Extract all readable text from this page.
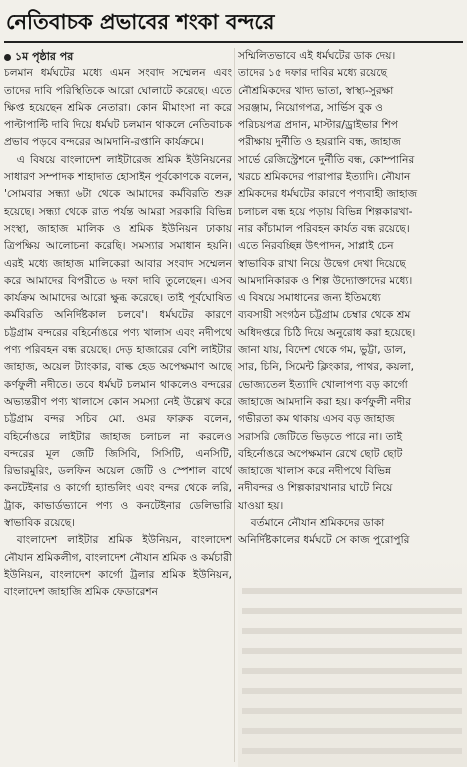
নেতিবাচক প্রভাবের শংকা বন্দরে

১ম পৃষ্ঠার পর

চলমান ধর্মঘটের মধ্যে এমন সংবাদ সম্মেলন এবং তাদের দাবি পরিস্থিতিকে আরো ঘোলাটে করেছে। এতে ক্ষিপ্ত হয়েছেন শ্রমিক নেতারা। কোন মীমাংসা না করে পাল্টাপাল্টি দাবি দিয়ে ধর্মঘট চলমান থাকলে নেতিবাচক প্রভাব পড়বে বন্দরের আমদানি-রপ্তানি কার্যক্রমে।

এ বিষয়ে বাংলাদেশ লাইটারেজ শ্রমিক ইউনিয়নের সাধারণ সম্পাদক শাহাদাত হোসাইন পূর্বকোণকে বলেন, 'সোমবার সন্ধ্যা ৬টা থেকে আমাদের কর্মবিরতি শুরু হয়েছে। সন্ধ্যা থেকে রাত পর্যন্ত আমরা সরকারি বিভিন্ন সংস্থা, জাহাজ মালিক ও শ্রমিক ইউনিয়ন ঢাকায় ত্রিপক্ষিয় আলোচনা করেছি। সমস্যার সমাধান হয়নি। এরই মধ্যে জাহাজ মালিকেরা আবার সংবাদ সম্মেলন করে আমাদের বিপরীতে ৬ দফা দাবি তুলেছেন। এসব কার্যক্রম আমাদের আরো ক্ষুব্ধ করেছে। তাই পূর্বঘোষিত কর্মবিরতি অনির্দিষ্টকাল চলবে'। ধর্মঘটের কারণে চট্টগ্রাম বন্দরের বহির্নোঙরে পণ্য খালাস এবং নদীপথে পণ্য পরিবহন বন্ধ রয়েছে। দেড় হাজারের বেশি লাইটার জাহাজ, অয়েল ট্যাংকার, বাল্ক হেড অপেক্ষমাণ আছে কর্ণফুলী নদীতে। তবে ধর্মঘট চলমান থাকলেও বন্দরের অভ্যন্তরীণ পণ্য খালাসে কোন সমস্যা নেই উল্লেখ করে চট্টগ্রাম বন্দর সচিব মো. ওমর ফারুক বলেন, বহির্নোঙরে লাইটার জাহাজ চলাচল না করলেও বন্দরের মূল জেটি জিসিবি, সিসিটি, এনসিটি, রিভারমুরিং, ডলফিন অয়েল জেটি ও স্পেশাল বার্থে কনটেইনার ও কার্গো হ্যান্ডলিং এবং বন্দর থেকে লরি, ট্রাক, কাভার্ডভ্যানে পণ্য ও কনটেইনার ডেলিভারি স্বাভাবিক রয়েছে।

বাংলাদেশ লাইটার শ্রমিক ইউনিয়ন, বাংলাদেশ নৌযান শ্রমিকলীগ, বাংলাদেশ নৌযান শ্রমিক ও কর্মচারী ইউনিয়ন, বাংলাদেশ কার্গো ট্রলার শ্রমিক ইউনিয়ন, বাংলাদেশ জাহাজি শ্রমিক ফেডারেশন

সম্মিলিতভাবে এই ধর্মঘটের ডাক দেয়।

তাদের ১৫ দফার দাবির মধ্যে রয়েছে

নৌশ্রমিকদের খাদ্য ভাতা, স্বাস্থ্য-সুরক্ষা

সরঞ্জাম, নিয়োগপত্র, সার্ভিস বুক ও

পরিচয়পত্র প্রদান, মাস্টার/ড্রাইভার শিপ

পরীক্ষায় দুর্নীতি ও হয়রানি বন্ধ, জাহাজ

সার্ভে রেজিস্ট্রেশনে দুর্নীতি বন্ধ, কোম্পানির

খরচে শ্রমিকদের পারাপার ইত্যাদি। নৌযান

শ্রমিকদের ধর্মঘটের কারণে পণ্যবাহী জাহাজ

চলাচল বন্ধ হয়ে পড়ায় বিভিন্ন শিল্পকারখা-

নার কাঁচামাল পরিবহন কার্যত বন্ধ রয়েছে।

এতে নিরবচ্ছিন্ন উৎপাদন, সাপ্লাই চেন

স্বাভাবিক রাখা নিয়ে উদ্বেগ দেখা দিয়েছে

আমদানিকারক ও শিল্প উদ্যোক্তাদের মধ্যে।

এ বিষয়ে সমাধানের জন্য ইতিমধ্যে

ব্যবসায়ী সংগঠন চট্টগ্রাম চেম্বার থেকে শ্রম

অধিদপ্তরে চিঠি দিয়ে অনুরোধ করা হয়েছে।

জানা যায়, বিদেশ থেকে গম, ভুট্টা, ডাল,

সার, চিনি, সিমেন্ট ক্লিংকার, পাথর, কয়লা,

ভোজ্যতেল ইত্যাদি খোলাপণ্য বড় কার্গো

জাহাজে আমদানি করা হয়। কর্ণফুলী নদীর

গভীরতা কম থাকায় এসব বড় জাহাজ

সরাসরি জেটিতে ভিড়তে পারে না। তাই

বহির্নোঙরে অপেক্ষমান রেখে ছোট ছোট

জাহাজে খালাস করে নদীপথে বিভিন্ন

নদীবন্দর ও শিল্পকারখানার ঘাটে নিয়ে

যাওয়া হয়।

বর্তমানে নৌযান শ্রমিকদের ডাকা

অনির্দিষ্টকালের ধর্মঘটে সে কাজ পুরোপুরি
